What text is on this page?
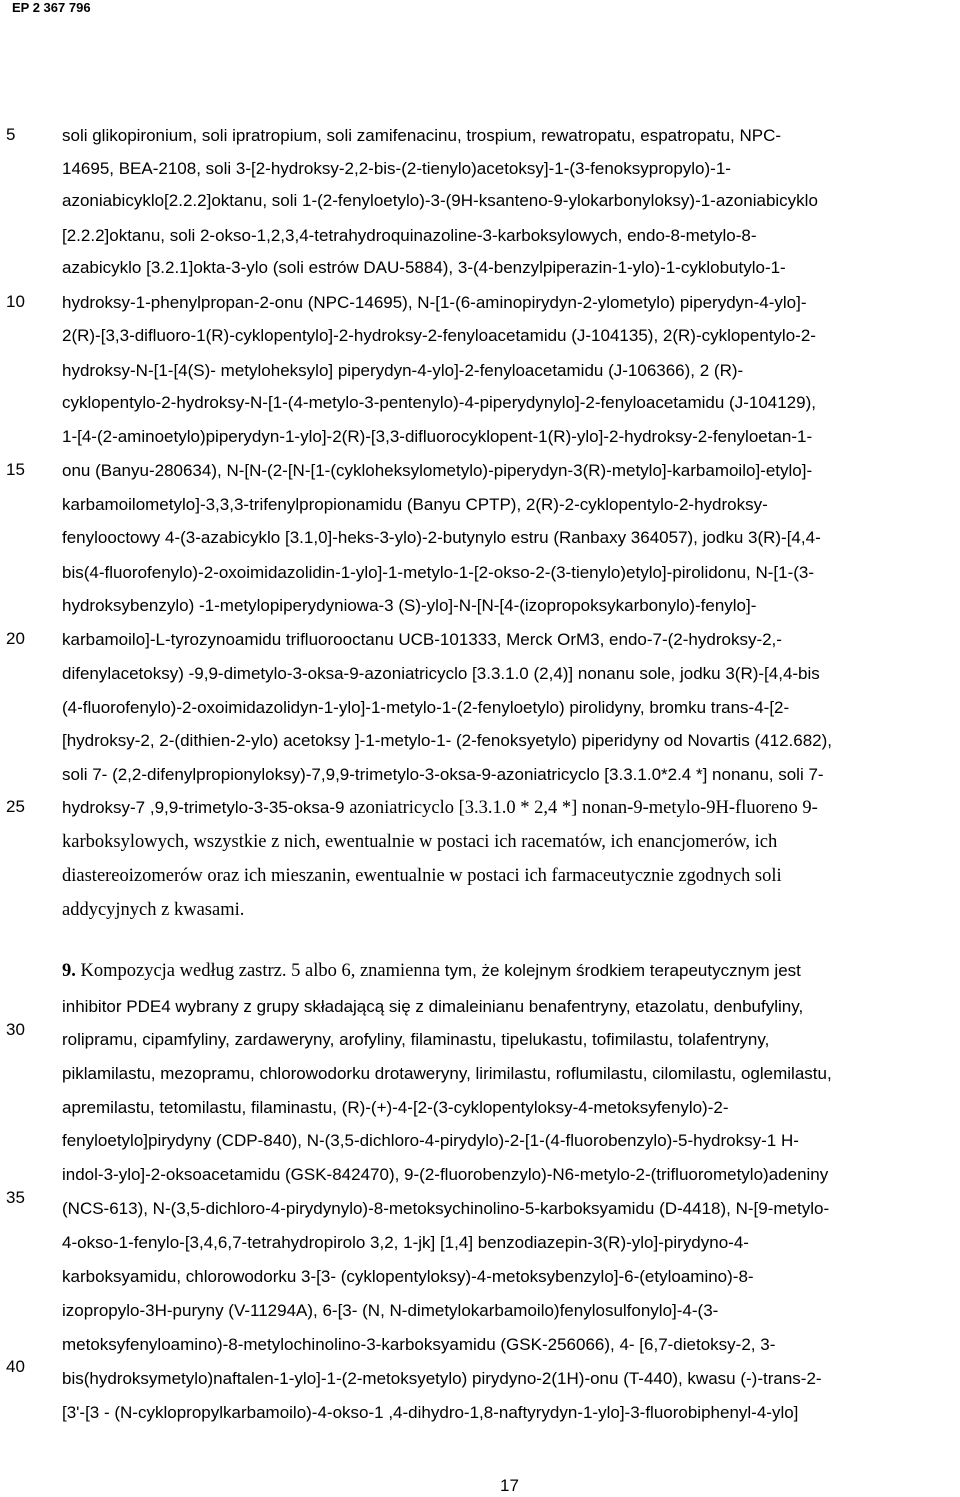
EP 2 367 796
5
10
15
20
25
30
35
40
soli glikopironium, soli ipratropium, soli zamifenacinu, trospium, rewatropatu, espatropatu, NPC-
14695, BEA-2108, soli 3-[2-hydroksy-2,2-bis-(2-tienylo)acetoksy]-1-(3-fenoksypropylo)-1-
azoniabicyklo[2.2.2]oktanu, soli 1-(2-fenyloetylo)-3-(9H-ksanteno-9-ylokarbonyloksy)-1-azoniabicyklo
[2.2.2]oktanu, soli 2-okso-1,2,3,4-tetrahydroquinazoline-3-karboksylowych, endo-8-metylo-8-
azabicyklo [3.2.1]okta-3-ylo (soli estrów DAU-5884), 3-(4-benzylpiperazin-1-ylo)-1-cyklobutylo-1-
hydroksy-1-phenylpropan-2-onu (NPC-14695), N-[1-(6-aminopirydyn-2-ylometylo) piperydyn-4-ylo]-
2(R)-[3,3-difluoro-1(R)-cyklopentylo]-2-hydroksy-2-fenyloacetamidu (J-104135), 2(R)-cyklopentylo-2-
hydroksy-N-[1-[4(S)- metyloheksylo] piperydyn-4-ylo]-2-fenyloacetamidu (J-106366), 2 (R)-
cyklopentylo-2-hydroksy-N-[1-(4-metylo-3-pentenylo)-4-piperydynylo]-2-fenyloacetamidu (J-104129),
1-[4-(2-aminoetylo)piperydyn-1-ylo]-2(R)-[3,3-difluorocyklopent-1(R)-ylo]-2-hydroksy-2-fenyloetan-1-
onu (Banyu-280634), N-[N-(2-[N-[1-(cykloheksylometylo)-piperydyn-3(R)-metylo]-karbamoilo]-etylo]-
karbamoilometylo]-3,3,3-trifenylpropionamidu (Banyu CPTP), 2(R)-2-cyklopentylo-2-hydroksy-
fenylooctowy 4-(3-azabicyklo [3.1,0]-heks-3-ylo)-2-butynylo estru (Ranbaxy 364057), jodku 3(R)-[4,4-
bis(4-fluorofenylo)-2-oxoimidazolidin-1-ylo]-1-metylo-1-[2-okso-2-(3-tienylo)etylo]-pirolidonu, N-[1-(3-
hydroksybenzylo) -1-metylopiperydyniowa-3 (S)-ylo]-N-[N-[4-(izopropoksykarbonylo)-fenylo]-
karbamoilo]-L-tyrozynoamidu trifluorooctanu UCB-101333, Merck OrM3, endo-7-(2-hydroksy-2,-
difenylacetoksy) -9,9-dimetylo-3-oksa-9-azoniatricyclo [3.3.1.0 (2,4)] nonanu sole, jodku 3(R)-[4,4-bis
(4-fluorofenylo)-2-oxoimidazolidyn-1-ylo]-1-metylo-1-(2-fenyloetylo) pirolidyny, bromku trans-4-[2-
[hydroksy-2, 2-(dithien-2-ylo) acetoksy ]-1-metylo-1- (2-fenoksyetylo) piperidyny od Novartis (412.682),
soli 7- (2,2-difenylpropionyloksy)-7,9,9-trimetylo-3-oksa-9-azoniatricyclo [3.3.1.0*2.4 *] nonanu, soli 7-
hydroksy-7 ,9,9-trimetylo-3-35-oksa-9 azoniatricyclo [3.3.1.0 * 2,4 *] nonan-9-metylo-9H-fluoreno 9-
karboksylowych, wszystkie z nich, ewentualnie w postaci ich racematów, ich enancjomerów, ich
diastereoizomerów oraz ich mieszanin, ewentualnie w postaci ich farmaceutycznie zgodnych soli
addycyjnych z kwasami.
9. Kompozycja według zastrz. 5 albo 6, znamienna tym, że kolejnym środkiem terapeutycznym jest
inhibitor PDE4 wybrany z grupy składającą się z dimaleinianu benafentryny, etazolatu, denbufyliny,
rolipramu, cipamfyliny, zardaweryny, arofyliny, filaminastu, tipelukastu, tofimilastu, tolafentryny,
piklamilastu, mezopramu, chlorowodorku drotaweryny, lirimilastu, roflumilastu, cilomilastu, oglemilastu,
apremilastu, tetomilastu, filaminastu, (R)-(+)-4-[2-(3-cyklopentyloksy-4-metoksyfenylo)-2-
fenyloetylo]pirydyny (CDP-840), N-(3,5-dichloro-4-pirydylo)-2-[1-(4-fluorobenzylo)-5-hydroksy-1 H-
indol-3-ylo]-2-oksoacetamidu (GSK-842470), 9-(2-fluorobenzylo)-N6-metylo-2-(trifluorometylo)adeniny
(NCS-613), N-(3,5-dichloro-4-pirydynylo)-8-metoksychinolino-5-karboksyamidu (D-4418), N-[9-metylo-
4-okso-1-fenylo-[3,4,6,7-tetrahydropirolo 3,2, 1-jk] [1,4] benzodiazepin-3(R)-ylo]-pirydyno-4-
karboksyamidu, chlorowodorku 3-[3- (cyklopentyloksy)-4-metoksybenzylo]-6-(etyloamino)-8-
izopropylo-3H-puryny (V-11294A), 6-[3- (N, N-dimetylokarbamoilo)fenylosulfonylo]-4-(3-
metoksyfenyloamino)-8-metylochinolino-3-karboksyamidu (GSK-256066), 4- [6,7-dietoksy-2, 3-
bis(hydroksymetylo)naftalen-1-ylo]-1-(2-metoksyetylo) pirydyno-2(1H)-onu (T-440), kwasu (-)-trans-2-
[3'-[3 - (N-cyklopropylkarbamoilo)-4-okso-1 ,4-dihydro-1,8-naftyrydyn-1-ylo]-3-fluorobiphenyl-4-ylo]
17
